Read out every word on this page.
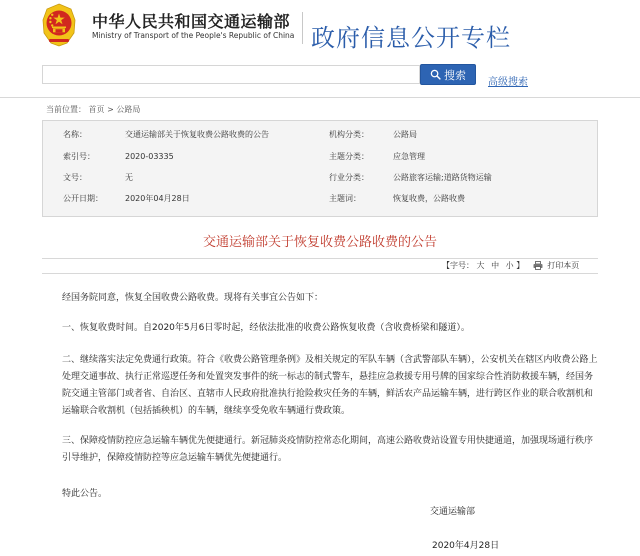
中华人民共和国交通运输部
Ministry of Transport of the People's Republic of China 政府信息公开专栏
搜索
高级搜索
当前位置： 首页 > 公路局
名称：	交通运输部关于恢复收费公路收费的公告	机构分类：	公路局
索引号：	2020-03335	主题分类：	应急管理
文号：	无	行业分类：	公路旅客运输;道路货物运输
公开日期：	2020年04月28日	主题词：	恢复收费，公路收费
交通运输部关于恢复收费公路收费的公告
【字号： 大 中 小 】	打印本页
经国务院同意，恢复全国收费公路收费。现将有关事宜公告如下：
一、恢复收费时间。自2020年5月6日零时起，经依法批准的收费公路恢复收费（含收费桥梁和隧道）。
二、继续落实法定免费通行政策。符合《收费公路管理条例》及相关规定的军队车辆（含武警部队车辆），公安机关在辖区内收费公路上处理交通事故、执行正常巡逻任务和处置突发事件的统一标志的制式警车，悬挂应急救援专用号牌的国家综合性消防救援车辆，经国务院交通主管部门或者省、自治区、直辖市人民政府批准执行抢险救灾任务的车辆，鲜活农产品运输车辆，进行跨区作业的联合收割机和运输联合收割机（包括插秧机）的车辆，继续享受免收车辆通行费政策。
三、保障疫情防控应急运输车辆优先便捷通行。新冠肺炎疫情防控常态化期间，高速公路收费站设置专用快捷通道，加强现场通行秩序引导维护，保障疫情防控等应急运输车辆优先便捷通行。
特此公告。
交通运输部
2020年4月28日
